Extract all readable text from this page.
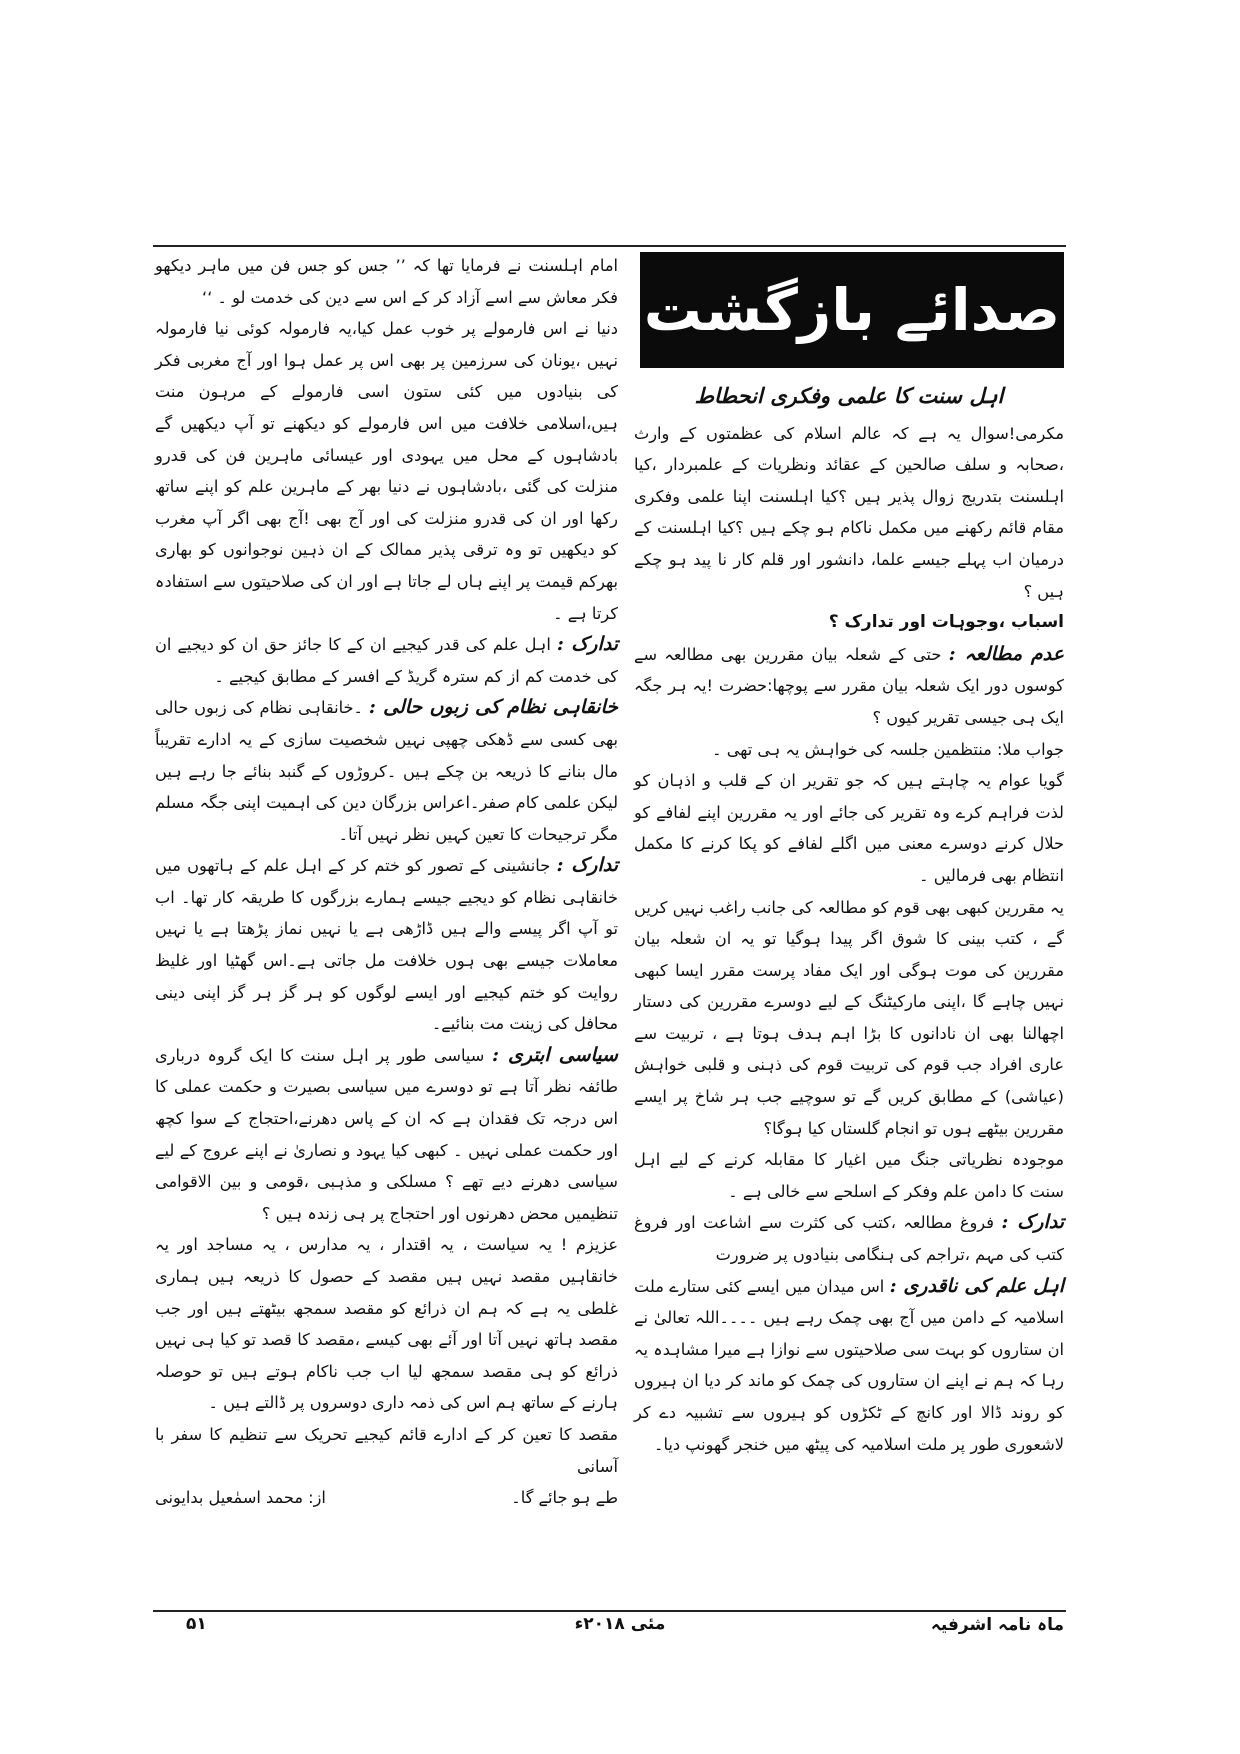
صدائے بازگشت

اہل سنت کا علمی وفکری انحطاط

مکرمی!سوال یہ ہے کہ عالم اسلام کی عظمتوں کے وارث ،صحابہ و سلف صالحین کے عقائد ونظریات کے علمبردار ،کیا اہلسنت بتدریج زوال پذیر ہیں ؟کیا اہلسنت اپنا علمی وفکری مقام قائم رکھنے میں مکمل ناکام ہو چکے ہیں ؟کیا اہلسنت کے درمیان اب پہلے جیسے علما، دانشور اور قلم کار نا پید ہو چکے ہیں ؟

اسباب ،وجوہات اور تدارک ؟

عدم مطالعہ : حتی کے شعلہ بیان مقررین بھی مطالعہ سے کوسوں دور ایک شعلہ بیان مقرر سے پوچھا:حضرت !یہ ہر جگہ ایک ہی جیسی تقریر کیوں ؟

جواب ملا: منتظمین جلسہ کی خواہش یہ ہی تھی ۔

گویا عوام یہ چاہتے ہیں کہ جو تقریر ان کے قلب و اذہان کو لذت فراہم کرے وہ تقریر کی جائے اور یہ مقررین اپنے لفافے کو حلال کرنے دوسرے معنی میں اگلے لفافے کو پکا کرنے کا مکمل انتظام بھی فرمالیں ۔

یہ مقررین کبھی بھی قوم کو مطالعہ کی جانب راغب نہیں کریں گے ، کتب بینی کا شوق اگر پیدا ہوگیا تو یہ ان شعلہ بیان مقررین کی موت ہوگی اور ایک مفاد پرست مقرر ایسا کبھی نہیں چاہے گا ،اپنی مارکیٹنگ کے لیے دوسرے مقررین کی دستار اچھالنا بھی ان نادانوں کا بڑا اہم ہدف ہوتا ہے ، تربیت سے عاری افراد جب قوم کی تربیت قوم کی ذہنی و قلبی خواہش (عیاشی) کے مطابق کریں گے تو سوچیے جب ہر شاخ پر ایسے مقررین بیٹھے ہوں تو انجام گلستاں کیا ہوگا؟

موجودہ نظریاتی جنگ میں اغیار کا مقابلہ کرنے کے لیے اہل سنت کا دامن علم وفکر کے اسلحے سے خالی ہے ۔

تدارک : فروغ مطالعہ ،کتب کی کثرت سے اشاعت اور فروغ کتب کی مہم ،تراجم کی ہنگامی بنیادوں پر ضرورت

اہل علم کی ناقدری : اس میدان میں ایسے کئی ستارے ملت اسلامیہ کے دامن میں آج بھی چمک رہے ہیں ۔۔۔۔اللہ تعالیٰ نے ان ستاروں کو بہت سی صلاحیتوں سے نوازا ہے میرا مشاہدہ یہ رہا کہ ہم نے اپنے ان ستاروں کی چمک کو ماند کر دیا ان ہیروں کو روند ڈالا اور کانچ کے ٹکڑوں کو ہیروں سے تشبیہ دے کر لاشعوری طور پر ملت اسلامیہ کی پیٹھ میں خنجر گھونپ دیا۔

امام اہلسنت نے فرمایا تھا کہ ’’ جس کو جس فن میں ماہر دیکھو فکر معاش سے اسے آزاد کر کے اس سے دین کی خدمت لو ۔ ‘‘

دنیا نے اس فارمولے پر خوب عمل کیا،یہ فارمولہ کوئی نیا فارمولہ نہیں ،یونان کی سرزمین پر بھی اس پر عمل ہوا اور آج مغربی فکر کی بنیادوں میں کئی ستون اسی فارمولے کے مرہون منت ہیں،اسلامی خلافت میں اس فارمولے کو دیکھنے تو آپ دیکھیں گے بادشاہوں کے محل میں یہودی اور عیسائی ماہرین فن کی قدرو منزلت کی گئی ،بادشاہوں نے دنیا بھر کے ماہرین علم کو اپنے ساتھ رکھا اور ان کی قدرو منزلت کی اور آج بھی !آج بھی اگر آپ مغرب کو دیکھیں تو وہ ترقی پذیر ممالک کے ان ذہین نوجوانوں کو بھاری بھرکم قیمت پر اپنے ہاں لے جاتا ہے اور ان کی صلاحیتوں سے استفادہ کرتا ہے ۔

تدارک : اہل علم کی قدر کیجیے ان کے کا جائز حق ان کو دیجیے ان کی خدمت کم از کم سترہ گریڈ کے افسر کے مطابق کیجیے ۔

خانقاہی نظام کی زبوں حالی : ۔خانقاہی نظام کی زبوں حالی بھی کسی سے ڈھکی چھپی نہیں شخصیت سازی کے یہ ادارے تقریباً مال بنانے کا ذریعہ بن چکے ہیں ۔کروڑوں کے گنبد بنائے جا رہے ہیں لیکن علمی کام صفر۔اعراس بزرگان دین کی اہمیت اپنی جگہ مسلم مگر ترجیحات کا تعین کہیں نظر نہیں آتا۔

تدارک : جانشینی کے تصور کو ختم کر کے اہل علم کے ہاتھوں میں خانقاہی نظام کو دیجیے جیسے ہمارے بزرگوں کا طریقہ کار تھا۔ اب تو آپ اگر پیسے والے ہیں ڈاڑھی ہے یا نہیں نماز پڑھتا ہے یا نہیں معاملات جیسے بھی ہوں خلافت مل جاتی ہے۔اس گھٹیا اور غلیظ روایت کو ختم کیجیے اور ایسے لوگوں کو ہر گز ہر گز اپنی دینی محافل کی زینت مت بنائیے۔

سیاسی ابتری : سیاسی طور پر اہل سنت کا ایک گروہ درباری طائفہ نظر آتا ہے تو دوسرے میں سیاسی بصیرت و حکمت عملی کا اس درجہ تک فقدان ہے کہ ان کے پاس دھرنے،احتجاج کے سوا کچھ اور حکمت عملی نہیں ۔ کبھی کیا یہود و نصاریٰ نے اپنے عروج کے لیے سیاسی دھرنے دیے تھے ؟ مسلکی و مذہبی ،قومی و بین الاقوامی تنظیمیں محض دھرنوں اور احتجاج پر ہی زندہ ہیں ؟

عزیزم ! یہ سیاست ، یہ اقتدار ، یہ مدارس ، یہ مساجد اور یہ خانقاہیں مقصد نہیں ہیں مقصد کے حصول کا ذریعہ ہیں ہماری غلطی یہ ہے کہ ہم ان ذرائع کو مقصد سمجھ بیٹھتے ہیں اور جب مقصد ہاتھ نہیں آتا اور آئے بھی کیسے ،مقصد کا قصد تو کیا ہی نہیں ذرائع کو ہی مقصد سمجھ لیا اب جب ناکام ہوتے ہیں تو حوصلہ ہارنے کے ساتھ ہم اس کی ذمہ داری دوسروں پر ڈالتے ہیں ۔

مقصد کا تعین کر کے ادارے قائم کیجیے تحریک سے تنظیم کا سفر با آسانی

طے ہو جائے گا۔
از: محمد اسمٰعیل بدایونی

ماہ نامہ اشرفیہ
مئی ۲۰۱۸ء
۵۱
